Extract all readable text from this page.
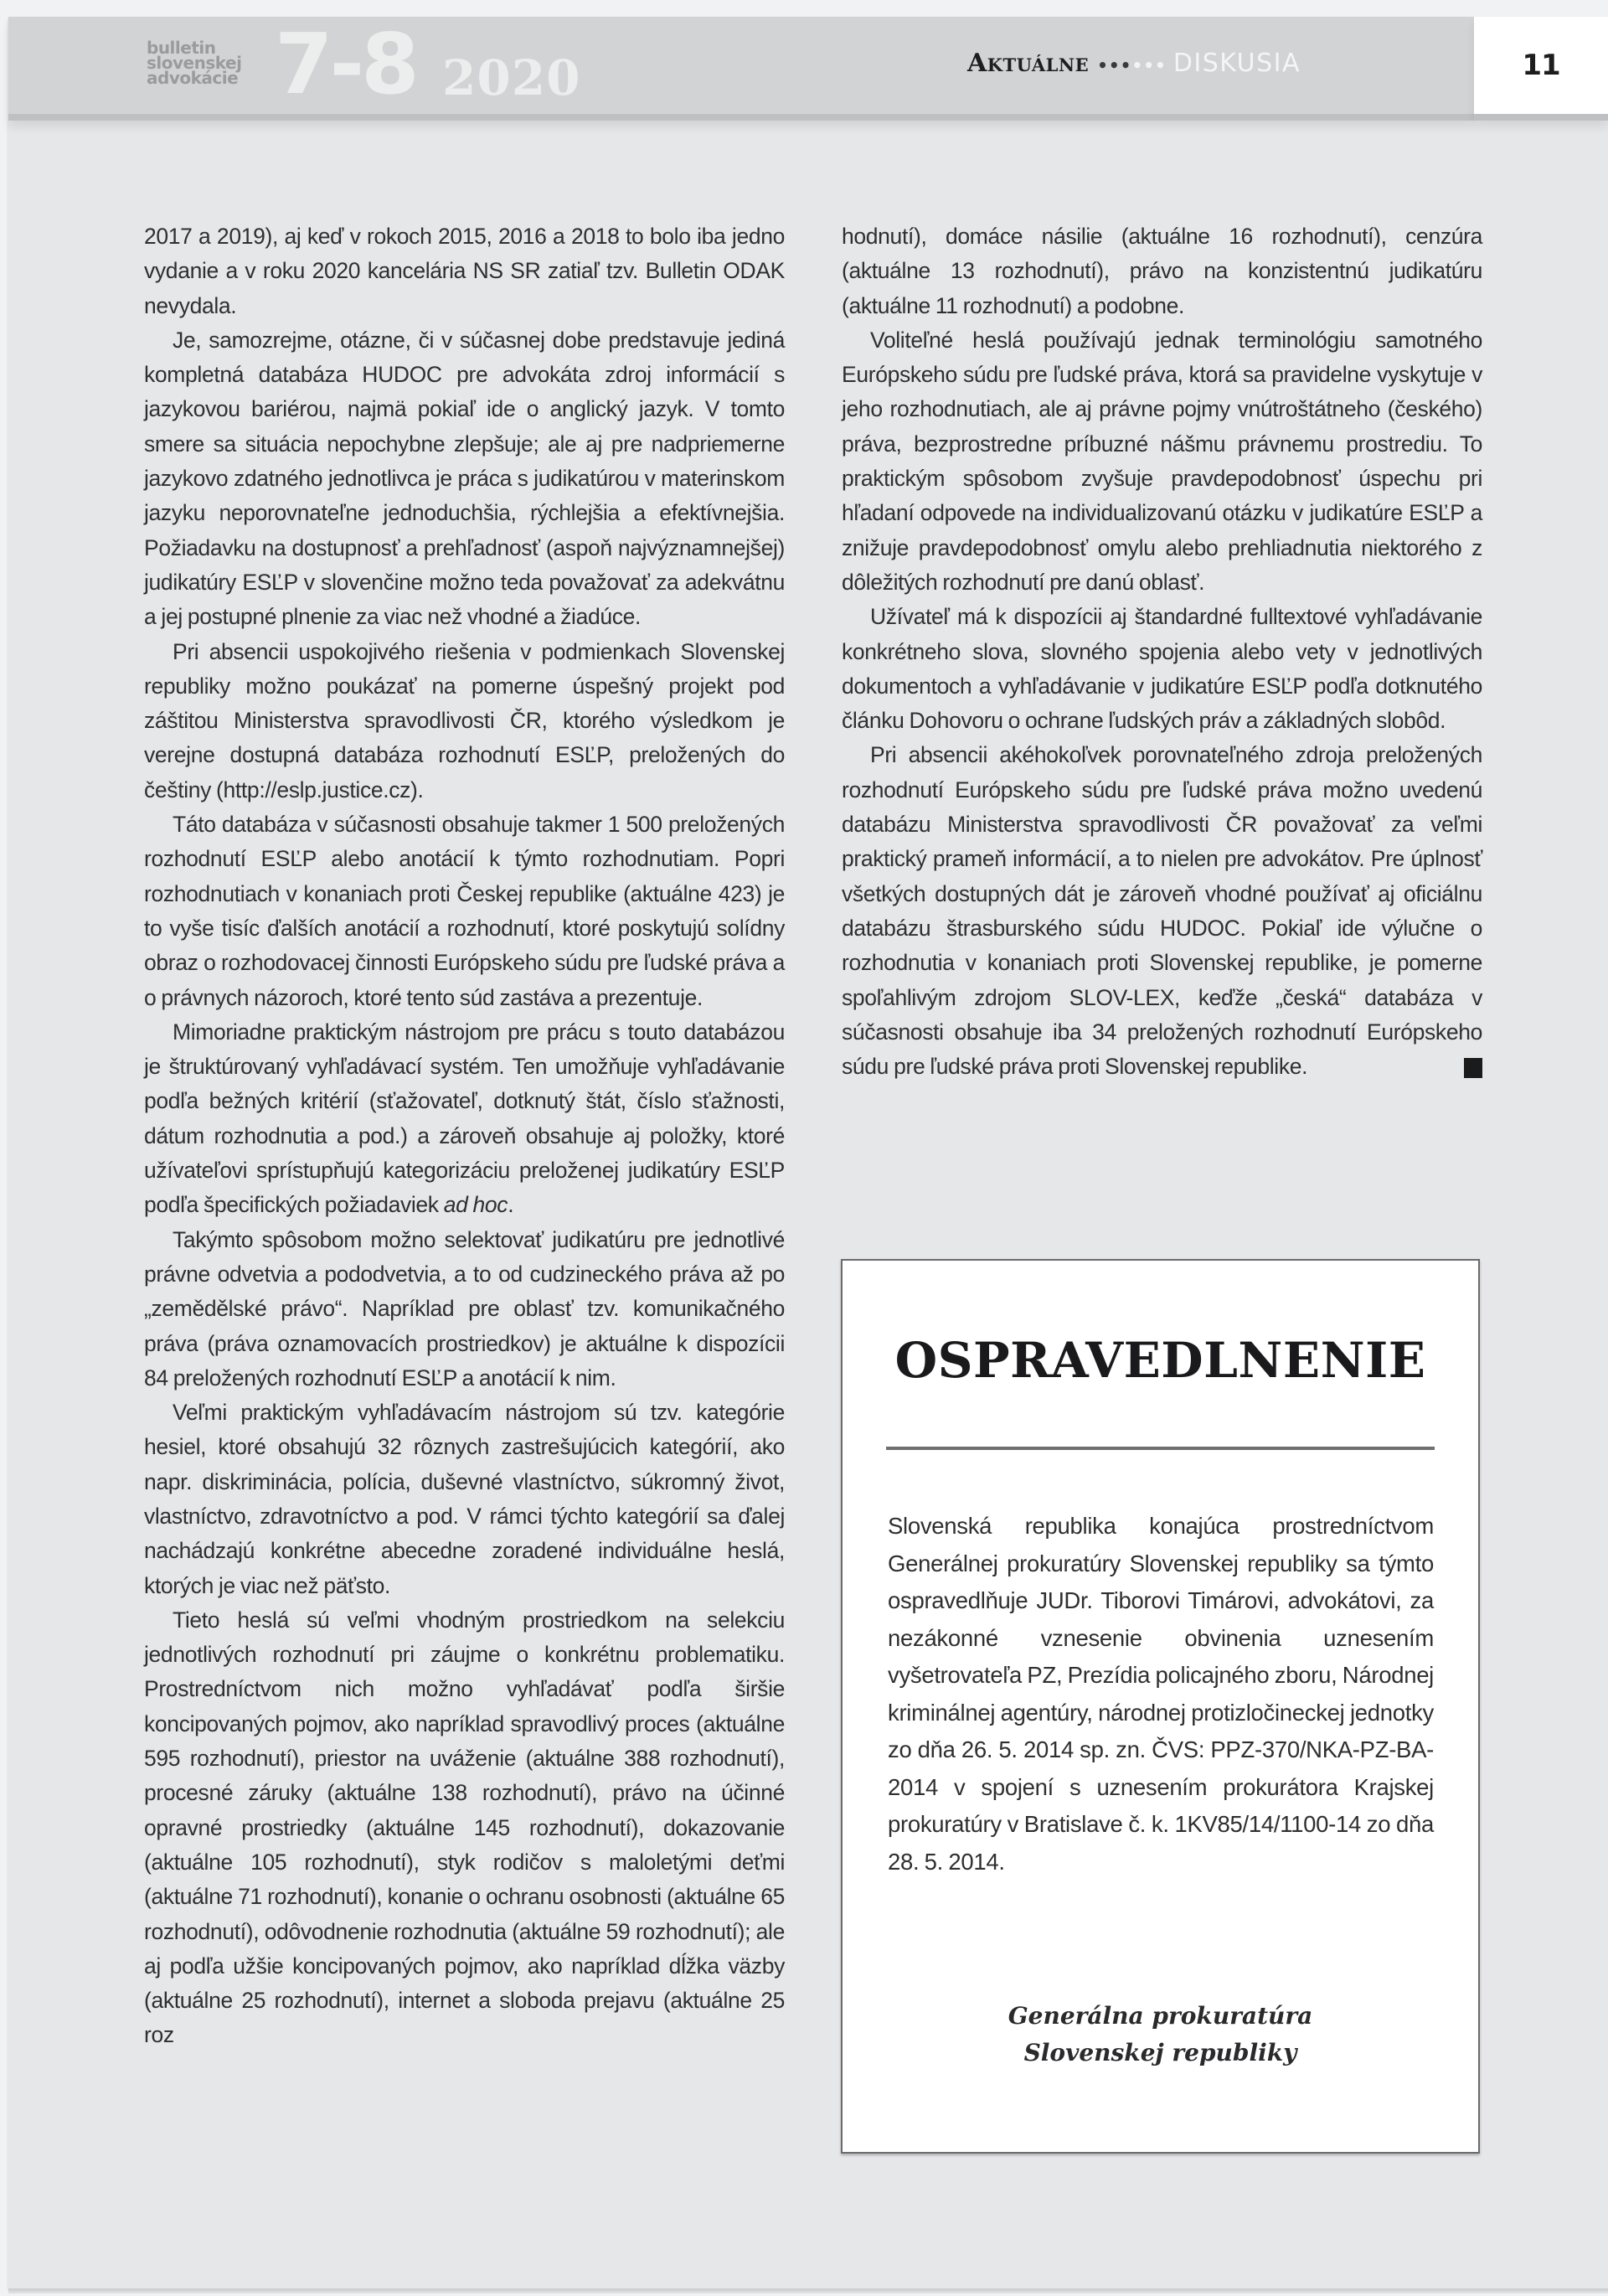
bulletin
slovenskej
advokácie 7-8 2020	Aktuálne •••••• DISKUSIA	11

2017 a 2019), aj keď v rokoch 2015, 2016 a 2018 to bolo iba jedno vydanie a v roku 2020 kancelária NS SR zatiaľ tzv. Bulletin ODAK nevydala.

Je, samozrejme, otázne, či v súčasnej dobe predstavuje jediná kompletná databáza HUDOC pre advokáta zdroj informácií s jazykovou bariérou, najmä pokiaľ ide o anglický jazyk. V tomto smere sa situácia nepochybne zlepšuje; ale aj pre nadpriemerne jazykovo zdatného jednotlivca je práca s judikatúrou v materinskom jazyku neporovnateľne jednoduchšia, rýchlejšia a efektívnejšia. Požiadavku na dostupnosť a prehľadnosť (aspoň najvýznamnejšej) judikatúry ESĽP v slovenčine možno teda považovať za adekvátnu a jej postupné plnenie za viac než vhodné a žiadúce.

Pri absencii uspokojivého riešenia v podmienkach Slovenskej republiky možno poukázať na pomerne úspešný projekt pod záštitou Ministerstva spravodlivosti ČR, ktorého výsledkom je verejne dostupná databáza rozhodnutí ESĽP, preložených do češtiny (http://eslp.justice.cz).

Táto databáza v súčasnosti obsahuje takmer 1 500 preložených rozhodnutí ESĽP alebo anotácií k týmto rozhodnutiam. Popri rozhodnutiach v konaniach proti Českej republike (aktuálne 423) je to vyše tisíc ďalších anotácií a rozhodnutí, ktoré poskytujú solídny obraz o rozhodovacej činnosti Európskeho súdu pre ľudské práva a o právnych názoroch, ktoré tento súd zastáva a prezentuje.

Mimoriadne praktickým nástrojom pre prácu s touto databázou je štruktúrovaný vyhľadávací systém. Ten umožňuje vyhľadávanie podľa bežných kritérií (sťažovateľ, dotknutý štát, číslo sťažnosti, dátum rozhodnutia a pod.) a zároveň obsahuje aj položky, ktoré užívateľovi sprístupňujú kategorizáciu preloženej judikatúry ESĽP podľa špecifických požiadaviek ad hoc.

Takýmto spôsobom možno selektovať judikatúru pre jednotlivé právne odvetvia a pododvetvia, a to od cudzineckého práva až po „zemědělské právo“. Napríklad pre oblasť tzv. komunikačného práva (práva oznamovacích prostriedkov) je aktuálne k dispozícii 84 preložených rozhodnutí ESĽP a anotácií k nim.

Veľmi praktickým vyhľadávacím nástrojom sú tzv. kategórie hesiel, ktoré obsahujú 32 rôznych zastrešujúcich kategórií, ako napr. diskriminácia, polícia, duševné vlastníctvo, súkromný život, vlastníctvo, zdravotníctvo a pod. V rámci týchto kategórií sa ďalej nachádzajú konkrétne abecedne zoradené individuálne heslá, ktorých je viac než päťsto.

Tieto heslá sú veľmi vhodným prostriedkom na selekciu jednotlivých rozhodnutí pri záujme o konkrétnu problematiku. Prostredníctvom nich možno vyhľadávať podľa širšie koncipovaných pojmov, ako napríklad spravodlivý proces (aktuálne 595 rozhodnutí), priestor na uváženie (aktuálne 388 rozhodnutí), procesné záruky (aktuálne 138 rozhodnutí), právo na účinné opravné prostriedky (aktuálne 145 rozhodnutí), dokazovanie (aktuálne 105 rozhodnutí), styk rodičov s maloletými deťmi (aktuálne 71 rozhodnutí), konanie o ochranu osobnosti (aktuálne 65 rozhodnutí), odôvodnenie rozhodnutia (aktuálne 59 rozhodnutí); ale aj podľa užšie koncipovaných pojmov, ako napríklad dĺžka väzby (aktuálne 25 rozhodnutí), internet a sloboda prejavu (aktuálne 25 roz

hodnutí), domáce násilie (aktuálne 16 rozhodnutí), cenzúra (aktuálne 13 rozhodnutí), právo na konzistentnú judikatúru (aktuálne 11 rozhodnutí) a podobne.

Voliteľné heslá používajú jednak terminológiu samotného Európskeho súdu pre ľudské práva, ktorá sa pravidelne vyskytuje v jeho rozhodnutiach, ale aj právne pojmy vnútroštátneho (českého) práva, bezprostredne príbuzné nášmu právnemu prostrediu. To praktickým spôsobom zvyšuje pravdepodobnosť úspechu pri hľadaní odpovede na individualizovanú otázku v judikatúre ESĽP a znižuje pravdepodobnosť omylu alebo prehliadnutia niektorého z dôležitých rozhodnutí pre danú oblasť.

Užívateľ má k dispozícii aj štandardné fulltextové vyhľadávanie konkrétneho slova, slovného spojenia alebo vety v jednotlivých dokumentoch a vyhľadávanie v judikatúre ESĽP podľa dotknutého článku Dohovoru o ochrane ľudských práv a základných slobôd.

Pri absencii akéhokoľvek porovnateľného zdroja preložených rozhodnutí Európskeho súdu pre ľudské práva možno uvedenú databázu Ministerstva spravodlivosti ČR považovať za veľmi praktický prameň informácií, a to nielen pre advokátov. Pre úplnosť všetkých dostupných dát je zároveň vhodné používať aj oficiálnu databázu štrasburského súdu HUDOC. Pokiaľ ide výlučne o rozhodnutia v konaniach proti Slovenskej republike, je pomerne spoľahlivým zdrojom SLOV-LEX, keďže „česká“ databáza v súčasnosti obsahuje iba 34 preložených rozhodnutí Európskeho súdu pre ľudské práva proti Slovenskej republike.

OSPRAVEDLNENIE
Slovenská republika konajúca prostredníctvom Generálnej prokuratúry Slovenskej republiky sa týmto ospravedlňuje JUDr. Tiborovi Timárovi, advokátovi, za nezákonné vznesenie obvinenia uznesením vyšetrovateľa PZ, Prezídia policajného zboru, Národnej kriminálnej agentúry, národnej protizločineckej jednotky zo dňa 26. 5. 2014 sp. zn. ČVS: PPZ-370/NKA-PZ-BA-2014 v spojení s uznesením prokurátora Krajskej prokuratúry v Bratislave č. k. 1KV85/14/1100-14 zo dňa 28. 5. 2014.
Generálna prokuratúra
Slovenskej republiky
